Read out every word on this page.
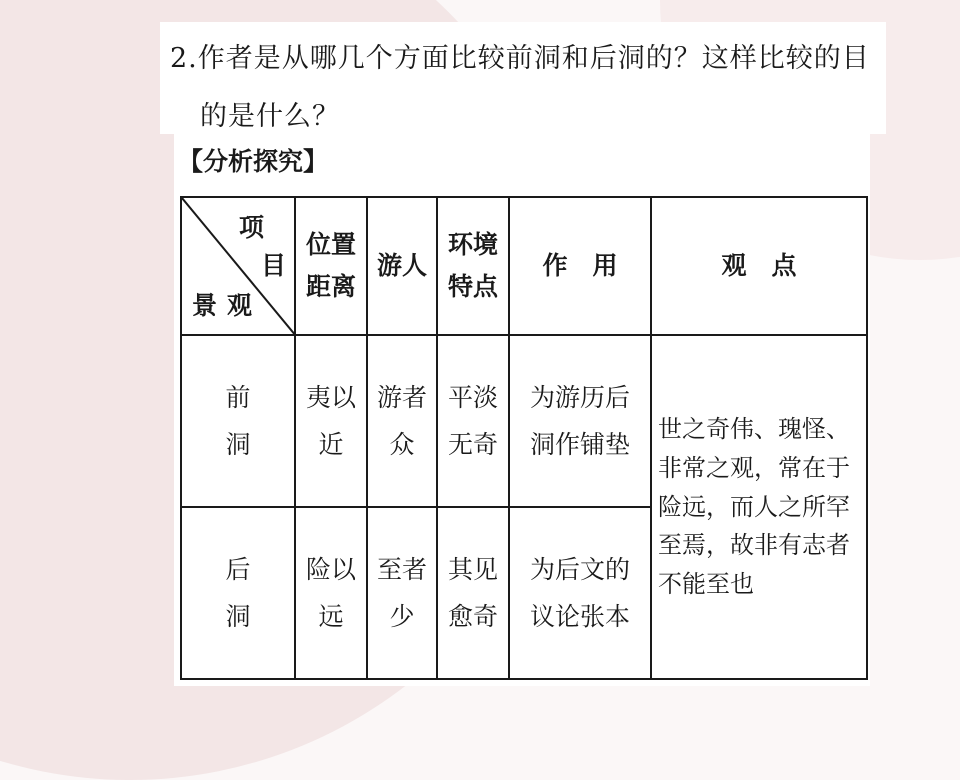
2.作者是从哪几个方面比较前洞和后洞的？这样比较的目
的是什么？
【分析探究】
项
目
景观	位置距离	游人	环境特点	作　用	观　点
前洞	夷以近	游者众	平淡无奇	为游历后洞作铺垫	世之奇伟、瑰怪、非常之观，常在于险远，而人之所罕至焉，故非有志者不能至也
后洞	险以远	至者少	其见愈奇	为后文的议论张本	
